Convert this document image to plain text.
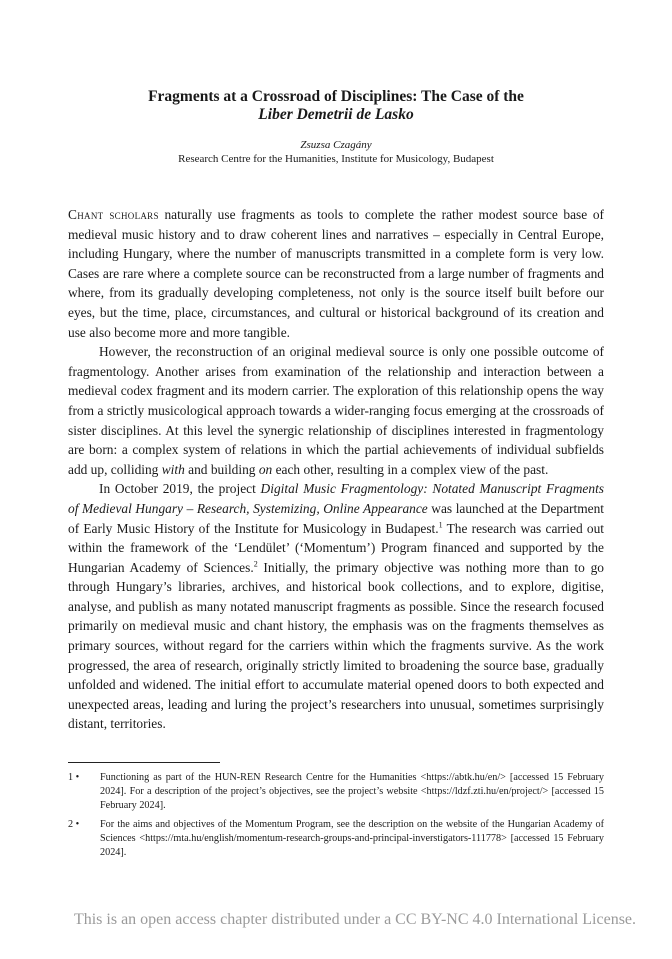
Fragments at a Crossroad of Disciplines: The Case of the
Liber Demetrii de Lasko
Zsuzsa Czagány
Research Centre for the Humanities, Institute for Musicology, Budapest

Chant scholars naturally use fragments as tools to complete the rather modest source base of medieval music history and to draw coherent lines and narratives – especially in Central Europe, including Hungary, where the number of manuscripts transmitted in a complete form is very low. Cases are rare where a complete source can be reconstructed from a large number of fragments and where, from its gradually developing completeness, not only is the source itself built before our eyes, but the time, place, circumstances, and cultural or historical background of its creation and use also become more and more tangible.

However, the reconstruction of an original medieval source is only one possible outcome of fragmentology. Another arises from examination of the relationship and interaction between a medieval codex fragment and its modern carrier. The exploration of this relationship opens the way from a strictly musicological approach towards a wider-ranging focus emerging at the crossroads of sister disciplines. At this level the synergic relationship of disciplines interested in fragmentology are born: a complex system of relations in which the partial achievements of individual subfields add up, colliding with and building on each other, resulting in a complex view of the past.

In October 2019, the project Digital Music Fragmentology: Notated Manuscript Fragments of Medieval Hungary – Research, Systemizing, Online Appearance was launched at the Department of Early Music History of the Institute for Musicology in Budapest.$^1$ The research was carried out within the framework of the ‘Lendület’ (‘Momentum’) Program financed and supported by the Hungarian Academy of Sciences.$^2$ Initially, the primary objective was nothing more than to go through Hungary’s libraries, archives, and historical book collections, and to explore, digitise, analyse, and publish as many notated manuscript fragments as possible. Since the research focused primarily on medieval music and chant history, the emphasis was on the fragments themselves as primary sources, without regard for the carriers within which the fragments survive. As the work progressed, the area of research, originally strictly limited to broadening the source base, gradually unfolded and widened. The initial effort to accumulate material opened doors to both expected and unexpected areas, leading and luring the project’s researchers into unusual, sometimes surprisingly distant, territories.

1 •	Functioning as part of the HUN-REN Research Centre for the Humanities <https://abtk.hu/en/> [accessed 15 February 2024]. For a description of the project’s objectives, see the project’s website <https://ldzf.zti.hu/en/project/> [accessed 15 February 2024].
2 •	For the aims and objectives of the Momentum Program, see the description on the website of the Hungarian Academy of Sciences <https://mta.hu/english/momentum-research-groups-and-principal-inverstigators-111778> [accessed 15 February 2024].
This is an open access chapter distributed under a CC BY-NC 4.0 International License.
